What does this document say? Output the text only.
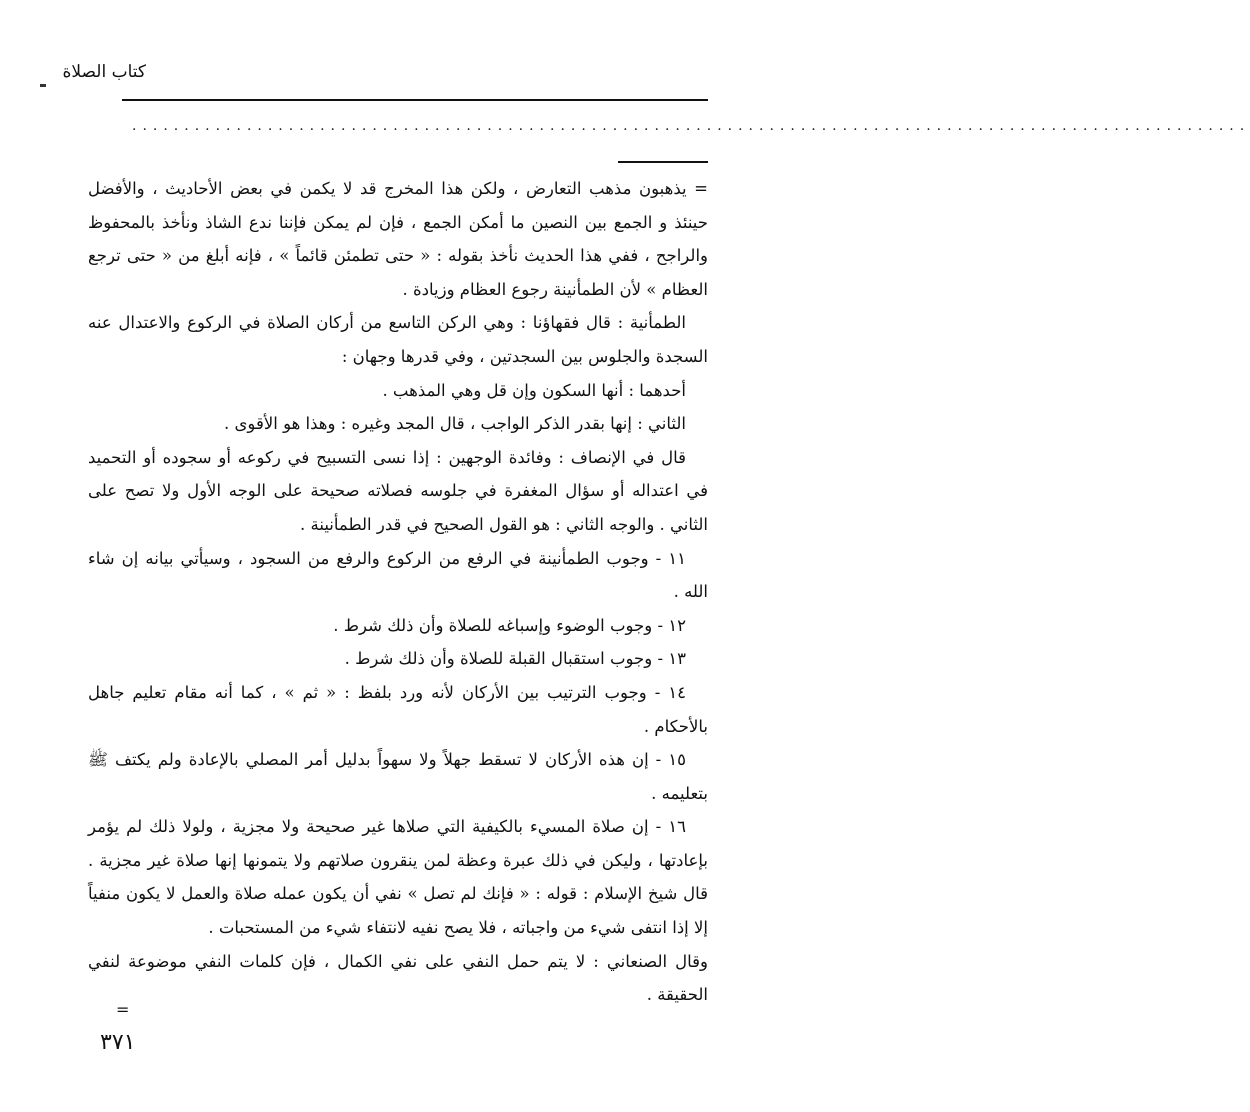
كتاب الصلاة
...........................................................................................................

= يذهبون مذهب التعارض ، ولكن هذا المخرج قد لا يكمن في بعض الأحاديث ، والأفضل حينئذ و الجمع بين النصين ما أمكن الجمع ، فإن لم يمكن فإننا ندع الشاذ ونأخذ بالمحفوظ والراجح ، ففي هذا الحديث نأخذ بقوله : « حتى تطمئن قائماً » ، فإنه أبلغ من « حتى ترجع العظام » لأن الطمأنينة رجوع العظام وزيادة .

الطمأنية : قال فقهاؤنا : وهي الركن التاسع من أركان الصلاة في الركوع والاعتدال عنه السجدة والجلوس بين السجدتين ، وفي قدرها وجهان :

أحدهما : أنها السكون وإن قل وهي المذهب .

الثاني : إنها بقدر الذكر الواجب ، قال المجد وغيره : وهذا هو الأقوى .

قال في الإنصاف : وفائدة الوجهين : إذا نسى التسبيح في ركوعه أو سجوده أو التحميد في اعتداله أو سؤال المغفرة في جلوسه فصلاته صحيحة على الوجه الأول ولا تصح على الثاني . والوجه الثاني : هو القول الصحيح في قدر الطمأنينة .

١١ - وجوب الطمأنينة في الرفع من الركوع والرفع من السجود ، وسيأتي بيانه إن شاء الله .

١٢ - وجوب الوضوء وإسباغه للصلاة وأن ذلك شرط .

١٣ - وجوب استقبال القبلة للصلاة وأن ذلك شرط .

١٤ - وجوب الترتيب بين الأركان لأنه ورد بلفظ : « ثم » ، كما أنه مقام تعليم جاهل بالأحكام .

١٥ - إن هذه الأركان لا تسقط جهلاً ولا سهواً بدليل أمر المصلي بالإعادة ولم يكتف ﷺ بتعليمه .

١٦ - إن صلاة المسيء بالكيفية التي صلاها غير صحيحة ولا مجزية ، ولولا ذلك لم يؤمر بإعادتها ، وليكن في ذلك عبرة وعظة لمن ينقرون صلاتهم ولا يتمونها إنها صلاة غير مجزية . قال شيخ الإسلام : قوله : « فإنك لم تصل » نفي أن يكون عمله صلاة والعمل لا يكون منفياً إلا إذا انتفى شيء من واجباته ، فلا يصح نفيه لانتفاء شيء من المستحبات .

وقال الصنعاني : لا يتم حمل النفي على نفي الكمال ، فإن كلمات النفي موضوعة لنفي الحقيقة .

=
٣٧١
